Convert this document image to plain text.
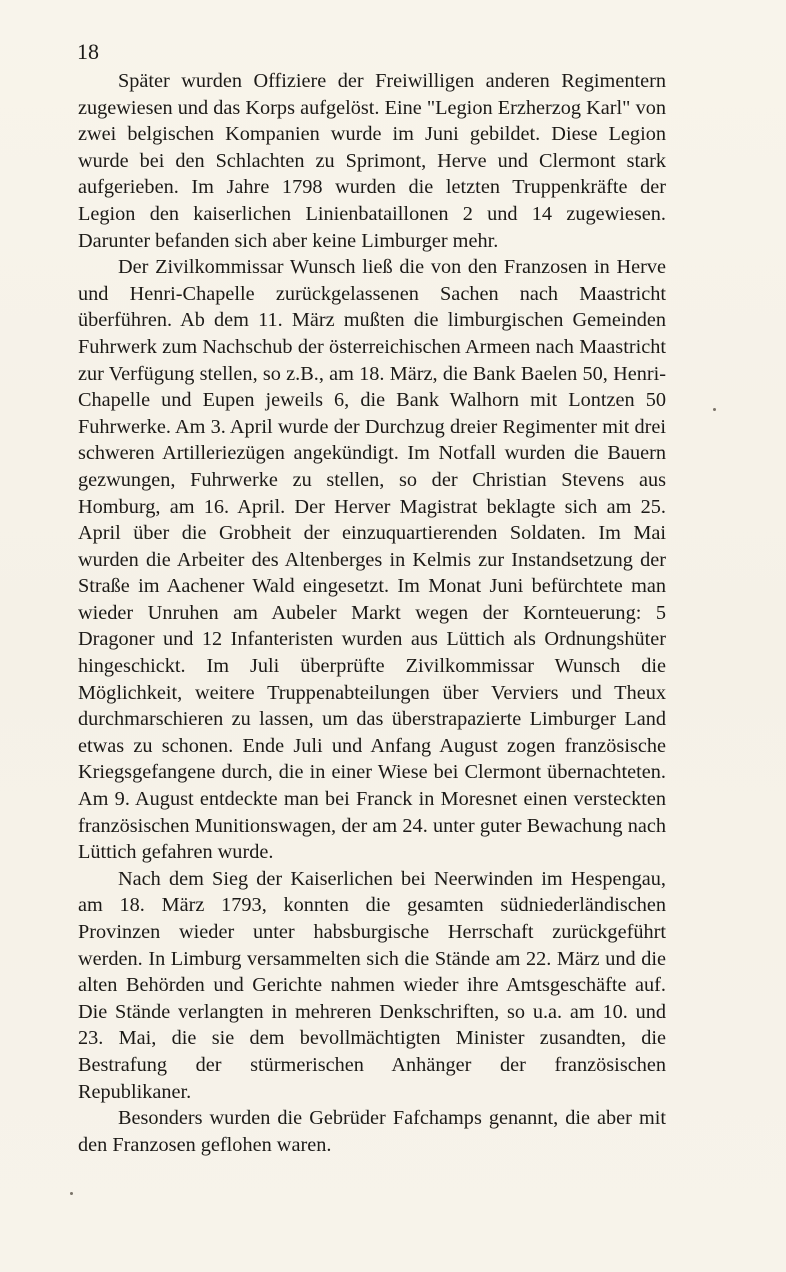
18

Später wurden Offiziere der Freiwilligen anderen Regimentern zugewiesen und das Korps aufgelöst. Eine "Legion Erzherzog Karl" von zwei belgischen Kompanien wurde im Juni gebildet. Diese Legion wurde bei den Schlachten zu Sprimont, Herve und Clermont stark aufgerieben. Im Jahre 1798 wurden die letzten Truppenkräfte der Legion den kaiserlichen Linienbataillonen 2 und 14 zugewiesen. Darunter befanden sich aber keine Limburger mehr.

Der Zivilkommissar Wunsch ließ die von den Franzosen in Herve und Henri-Chapelle zurückgelassenen Sachen nach Maastricht überführen. Ab dem 11. März mußten die limburgischen Gemeinden Fuhrwerk zum Nachschub der österreichischen Armeen nach Maastricht zur Verfügung stellen, so z.B., am 18. März, die Bank Baelen 50, Henri-Chapelle und Eupen jeweils 6, die Bank Walhorn mit Lontzen 50 Fuhrwerke. Am 3. April wurde der Durchzug dreier Regimenter mit drei schweren Artilleriezügen angekündigt. Im Notfall wurden die Bauern gezwungen, Fuhrwerke zu stellen, so der Christian Stevens aus Homburg, am 16. April. Der Herver Magistrat beklagte sich am 25. April über die Grobheit der einzuquartierenden Soldaten. Im Mai wurden die Arbeiter des Altenberges in Kelmis zur Instandsetzung der Straße im Aachener Wald eingesetzt. Im Monat Juni befürchtete man wieder Unruhen am Aubeler Markt wegen der Kornteuerung: 5 Dragoner und 12 Infanteristen wurden aus Lüttich als Ordnungshüter hingeschickt. Im Juli überprüfte Zivilkommissar Wunsch die Möglichkeit, weitere Truppenabteilungen über Verviers und Theux durchmarschieren zu lassen, um das überstrapazierte Limburger Land etwas zu schonen. Ende Juli und Anfang August zogen französische Kriegsgefangene durch, die in einer Wiese bei Clermont übernachteten. Am 9. August entdeckte man bei Franck in Moresnet einen versteckten französischen Munitionswagen, der am 24. unter guter Bewachung nach Lüttich gefahren wurde.

Nach dem Sieg der Kaiserlichen bei Neerwinden im Hespengau, am 18. März 1793, konnten die gesamten südniederländischen Provinzen wieder unter habsburgische Herrschaft zurückgeführt werden. In Limburg versammelten sich die Stände am 22. März und die alten Behörden und Gerichte nahmen wieder ihre Amtsgeschäfte auf. Die Stände verlangten in mehreren Denkschriften, so u.a. am 10. und 23. Mai, die sie dem bevollmächtigten Minister zusandten, die Bestrafung der stürmerischen Anhänger der französischen Republikaner.

Besonders wurden die Gebrüder Fafchamps genannt, die aber mit den Franzosen geflohen waren.
